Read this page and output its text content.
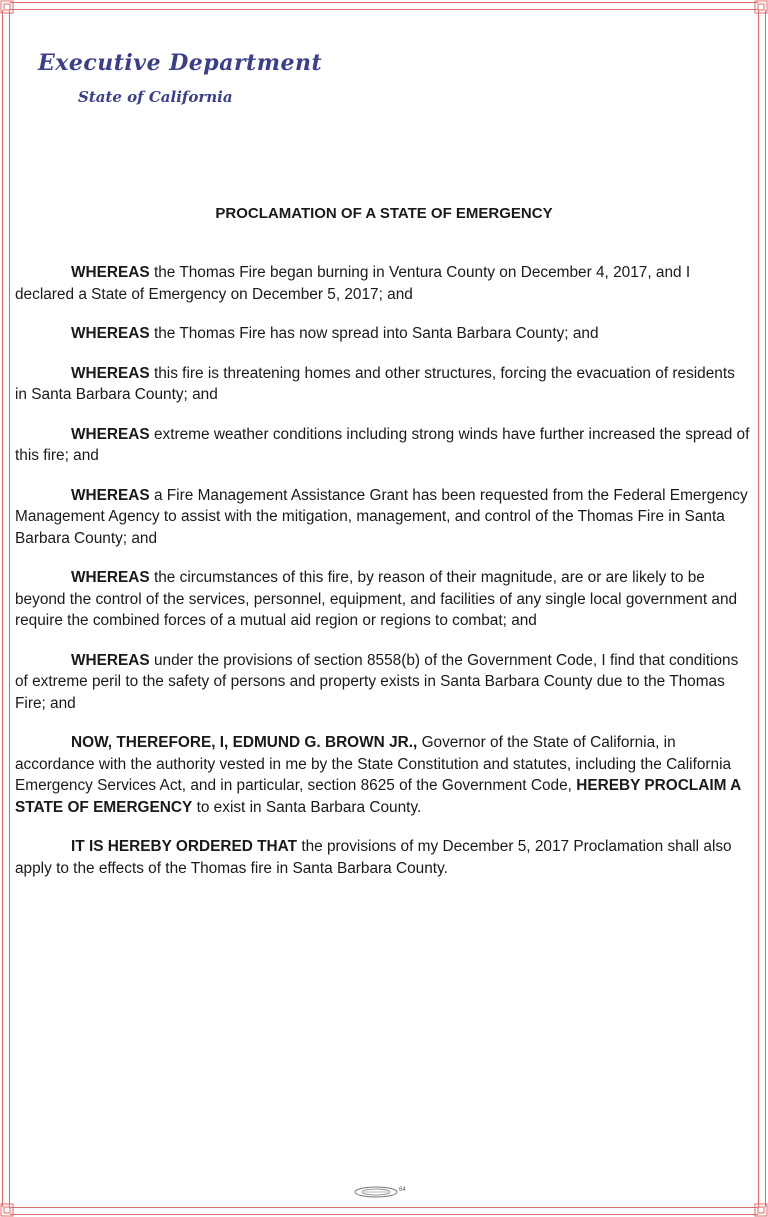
Executive Department
State of California
PROCLAMATION OF A STATE OF EMERGENCY

WHEREAS the Thomas Fire began burning in Ventura County on December 4, 2017, and I declared a State of Emergency on December 5, 2017; and

WHEREAS the Thomas Fire has now spread into Santa Barbara County; and

WHEREAS this fire is threatening homes and other structures, forcing the evacuation of residents in Santa Barbara County; and

WHEREAS extreme weather conditions including strong winds have further increased the spread of this fire; and

WHEREAS a Fire Management Assistance Grant has been requested from the Federal Emergency Management Agency to assist with the mitigation, management, and control of the Thomas Fire in Santa Barbara County; and

WHEREAS the circumstances of this fire, by reason of their magnitude, are or are likely to be beyond the control of the services, personnel, equipment, and facilities of any single local government and require the combined forces of a mutual aid region or regions to combat; and

WHEREAS under the provisions of section 8558(b) of the Government Code, I find that conditions of extreme peril to the safety of persons and property exists in Santa Barbara County due to the Thomas Fire; and

NOW, THEREFORE, I, EDMUND G. BROWN JR., Governor of the State of California, in accordance with the authority vested in me by the State Constitution and statutes, including the California Emergency Services Act, and in particular, section 8625 of the Government Code, HEREBY PROCLAIM A STATE OF EMERGENCY to exist in Santa Barbara County.

IT IS HEREBY ORDERED THAT the provisions of my December 5, 2017 Proclamation shall also apply to the effects of the Thomas fire in Santa Barbara County.

64
